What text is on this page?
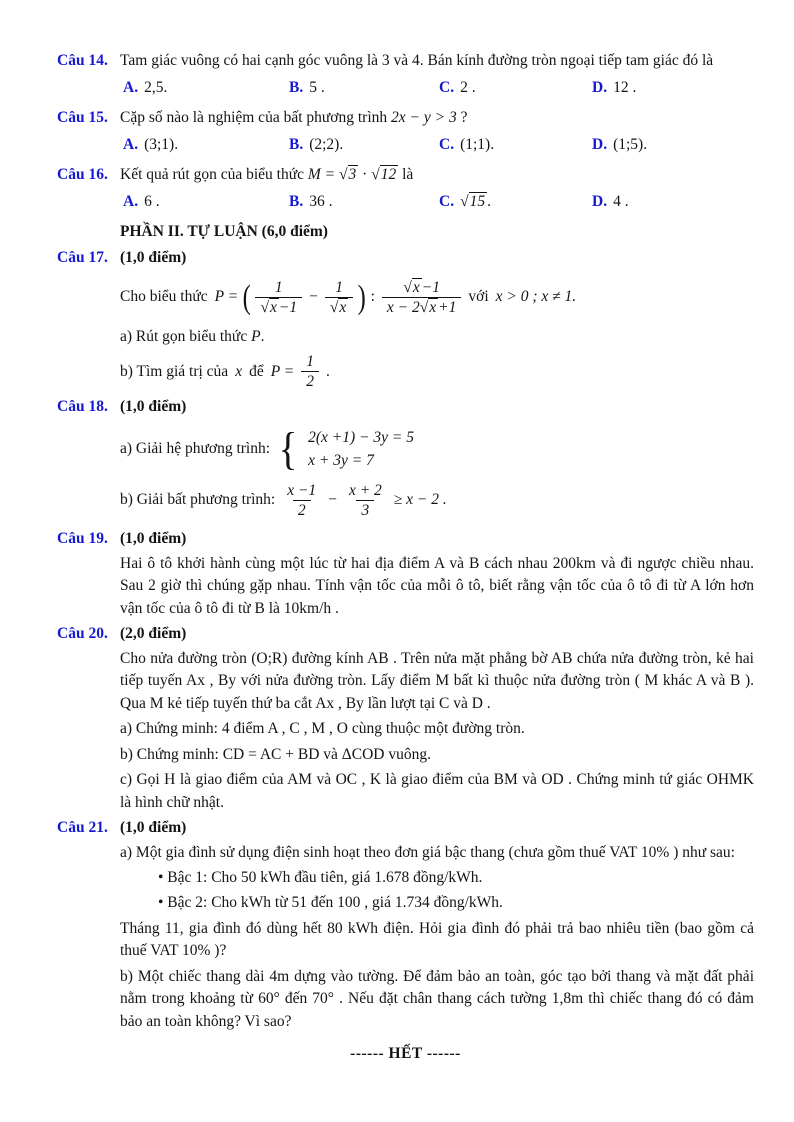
Câu 14. Tam giác vuông có hai cạnh góc vuông là 3 và 4. Bán kính đường tròn ngoại tiếp tam giác đó là
A. 2,5.	B. 5 .	C. 2 .	D. 12 .
Câu 15. Cặp số nào là nghiệm của bất phương trình 2x − y > 3 ?
A. (3;1).	B. (2;2).	C. (1;1).	D. (1;5).
Câu 16. Kết quả rút gọn của biểu thức M = √3 · √12 là
A. 6 .	B. 36 .	C. √15 .	D. 4 .
PHẦN II. TỰ LUẬN (6,0 điểm)
Câu 17. (1,0 điểm)
Cho biểu thức P = ( $\frac{1}{√x -1} - \frac{1}{√x}$ ) : $\frac{√x -1}{x - 2√x +1}$ với x > 0 ; x ≠ 1.
a) Rút gọn biểu thức P.
b) Tìm giá trị của x để $P = \frac{1}{2}$ .
Câu 18. (1,0 điểm)
a) Giải hệ phương trình: { 2(x +1) − 3y = 5
x + 3y = 7
b) Giải bất phương trình: $\frac{x -1}{2} - \frac{x + 2}{3} \ge x - 2$ .
Câu 19. (1,0 điểm)
Hai ô tô khởi hành cùng một lúc từ hai địa điểm A và B cách nhau 200km và đi ngược chiều nhau. Sau 2 giờ thì chúng gặp nhau. Tính vận tốc của mỗi ô tô, biết rằng vận tốc của ô tô đi từ A lớn hơn vận tốc của ô tô đi từ B là 10km/h .
Câu 20. (2,0 điểm)
Cho nửa đường tròn (O;R) đường kính AB . Trên nửa mặt phẳng bờ AB chứa nửa đường tròn, kẻ hai tiếp tuyến Ax , By với nửa đường tròn. Lấy điểm M bất kì thuộc nửa đường tròn ( M khác A và B ). Qua M kẻ tiếp tuyến thứ ba cắt Ax , By lần lượt tại C và D .
a) Chứng minh: 4 điểm A , C , M , O cùng thuộc một đường tròn.
b) Chứng minh: CD = AC + BD và ΔCOD vuông.
c) Gọi H là giao điểm của AM và OC , K là giao điểm của BM và OD . Chứng minh tứ giác OHMK là hình chữ nhật.
Câu 21. (1,0 điểm)
a) Một gia đình sử dụng điện sinh hoạt theo đơn giá bậc thang (chưa gồm thuế VAT 10% ) như sau:
• Bậc 1: Cho 50 kWh đầu tiên, giá 1.678 đồng/kWh.
• Bậc 2: Cho kWh từ 51 đến 100 , giá 1.734 đồng/kWh.
Tháng 11, gia đình đó dùng hết 80 kWh điện. Hỏi gia đình đó phải trả bao nhiêu tiền (bao gồm cả thuế VAT 10% )?
b) Một chiếc thang dài 4m dựng vào tường. Để đảm bảo an toàn, góc tạo bởi thang và mặt đất phải nằm trong khoảng từ 60° đến 70° . Nếu đặt chân thang cách tường 1,8m thì chiếc thang đó có đảm bảo an toàn không? Vì sao?
------ HẾT ------
